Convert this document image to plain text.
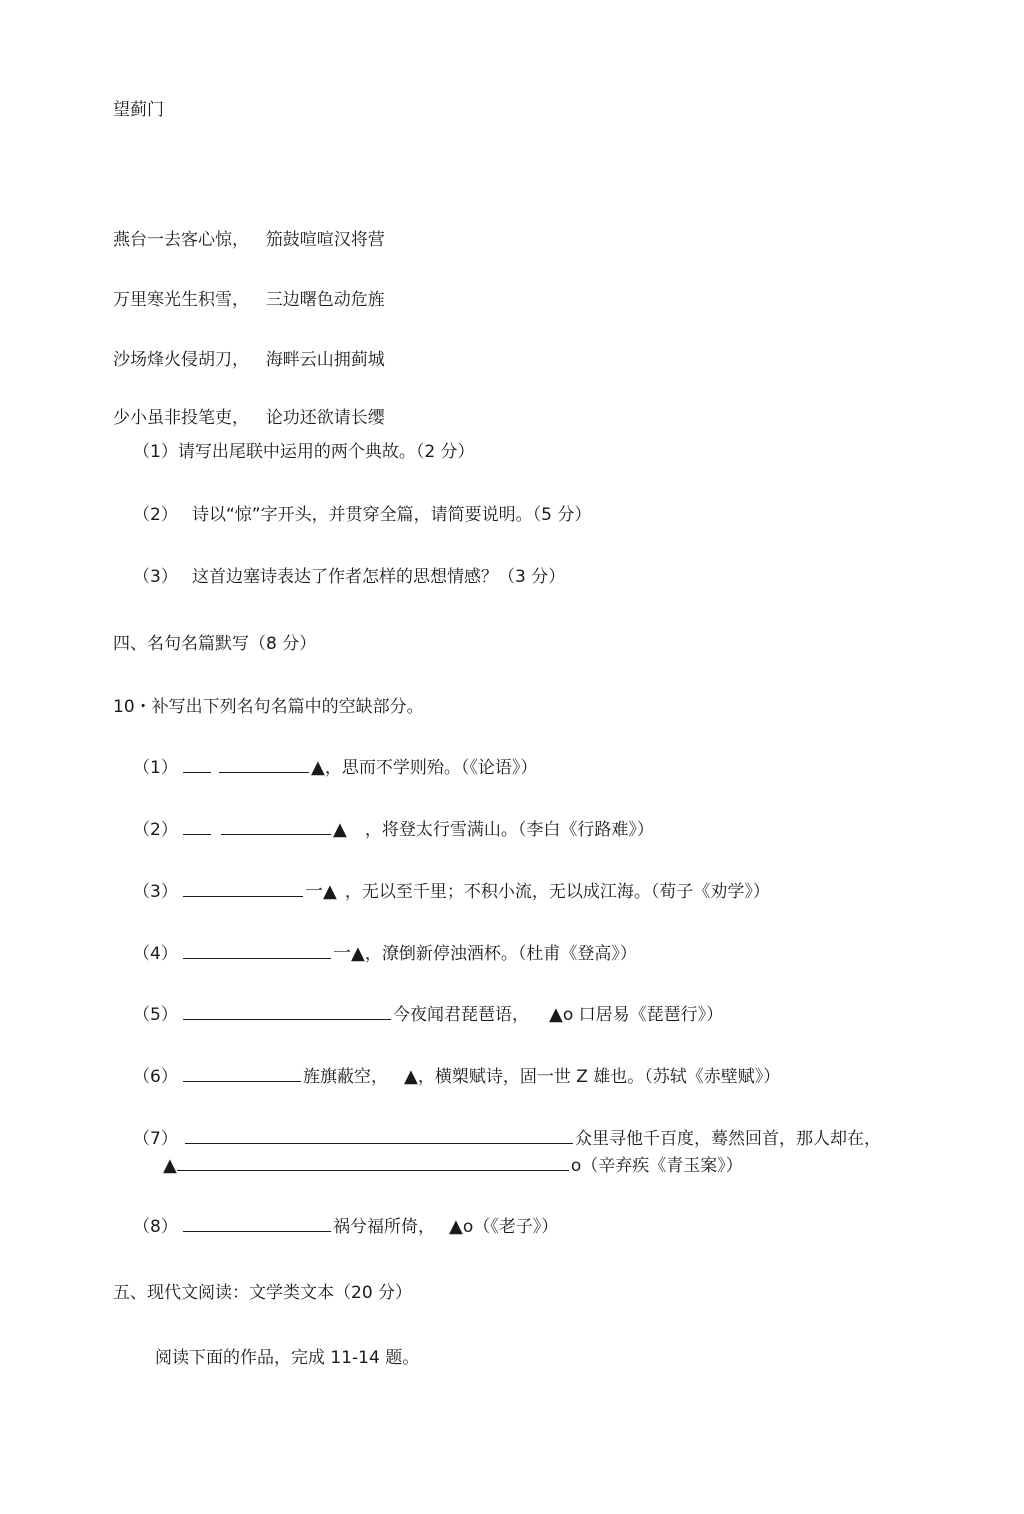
望蓟门
燕台一去客心惊， 笳鼓喧喧汉将营
万里寒光生积雪， 三边曙色动危旌
沙场烽火侵胡刀， 海畔云山拥蓟城
少小虽非投笔吏， 论功还欲请长缨
（1）请写出尾联中运用的两个典故。（2 分）
（2） 诗以“惊”字开头，并贯穿全篇，请简要说明。（5 分）
（3） 这首边塞诗表达了作者怎样的思想情感？（3 分）
四、名句名篇默写（8 分）
10・补写出下列名句名篇中的空缺部分。
（1）	▲，思而不学则殆。（《论语》）
（2）	▲ ，将登太行雪满山。（李白《行路难》）
（3）	一▲ ，无以至千里；不积小流，无以成江海。（荀子《劝学》）
（4）	一▲，潦倒新停浊酒杯。（杜甫《登高》）
（5）	今夜闻君琵琶语， ▲o 口居易《琵琶行》）
（6）	旌旗蔽空， ▲，横槊赋诗，固一世 Z 雄也。（苏轼《赤壁赋》）
（7）	众里寻他千百度，蓦然回首，那人却在，
▲	o（辛弃疾《青玉案》）
（8）	祸兮福所倚， ▲o（《老子》）
五、现代文阅读：文学类文本（20 分）
阅读下面的作品，完成 11-14 题。
